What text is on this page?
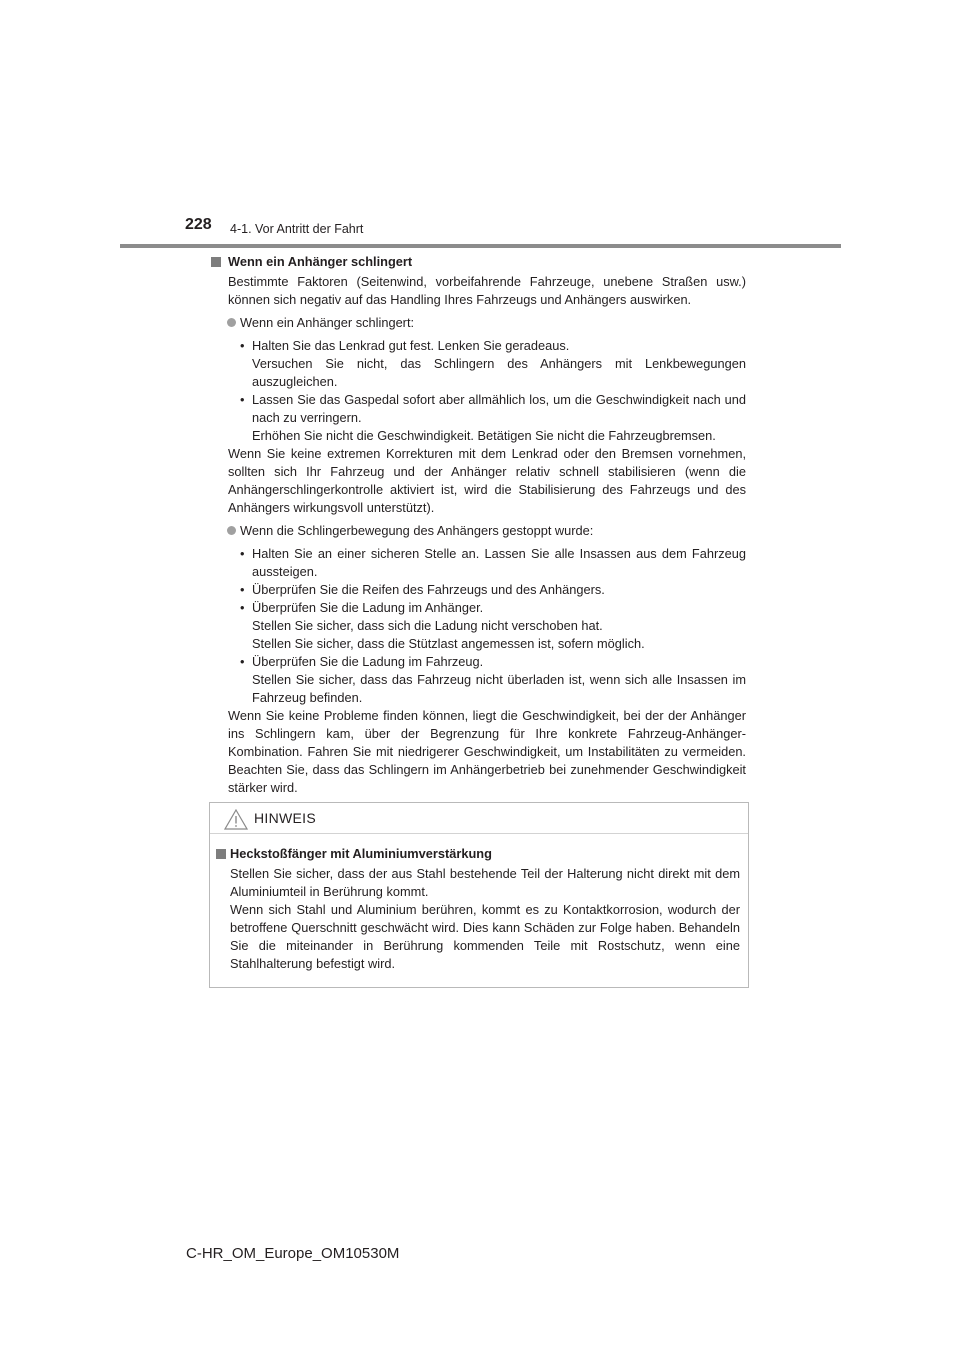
228 4-1. Vor Antritt der Fahrt
Wenn ein Anhänger schlingert
Bestimmte Faktoren (Seitenwind, vorbeifahrende Fahrzeuge, unebene Straßen usw.) können sich negativ auf das Handling Ihres Fahrzeugs und Anhängers auswirken.
Wenn ein Anhänger schlingert:
• Halten Sie das Lenkrad gut fest. Lenken Sie geradeaus.
Versuchen Sie nicht, das Schlingern des Anhängers mit Lenkbewegungen auszugleichen.
• Lassen Sie das Gaspedal sofort aber allmählich los, um die Geschwindigkeit nach und nach zu verringern.
Erhöhen Sie nicht die Geschwindigkeit. Betätigen Sie nicht die Fahrzeugbremsen.
Wenn Sie keine extremen Korrekturen mit dem Lenkrad oder den Bremsen vornehmen, sollten sich Ihr Fahrzeug und der Anhänger relativ schnell stabilisieren (wenn die Anhängerschlingerkontrolle aktiviert ist, wird die Stabilisierung des Fahrzeugs und des Anhängers wirkungsvoll unterstützt).
Wenn die Schlingerbewegung des Anhängers gestoppt wurde:
• Halten Sie an einer sicheren Stelle an. Lassen Sie alle Insassen aus dem Fahrzeug aussteigen.
• Überprüfen Sie die Reifen des Fahrzeugs und des Anhängers.
• Überprüfen Sie die Ladung im Anhänger.
Stellen Sie sicher, dass sich die Ladung nicht verschoben hat.
Stellen Sie sicher, dass die Stützlast angemessen ist, sofern möglich.
• Überprüfen Sie die Ladung im Fahrzeug.
Stellen Sie sicher, dass das Fahrzeug nicht überladen ist, wenn sich alle Insassen im Fahrzeug befinden.
Wenn Sie keine Probleme finden können, liegt die Geschwindigkeit, bei der der Anhänger ins Schlingern kam, über der Begrenzung für Ihre konkrete Fahrzeug-Anhänger-Kombination. Fahren Sie mit niedrigerer Geschwindigkeit, um Instabilitäten zu vermeiden. Beachten Sie, dass das Schlingern im Anhängerbetrieb bei zunehmender Geschwindigkeit stärker wird.
HINWEIS
Heckstoßfänger mit Aluminiumverstärkung
Stellen Sie sicher, dass der aus Stahl bestehende Teil der Halterung nicht direkt mit dem Aluminiumteil in Berührung kommt.
Wenn sich Stahl und Aluminium berühren, kommt es zu Kontaktkorrosion, wodurch der betroffene Querschnitt geschwächt wird. Dies kann Schäden zur Folge haben. Behandeln Sie die miteinander in Berührung kommenden Teile mit Rostschutz, wenn eine Stahlhalterung befestigt wird.
C-HR_OM_Europe_OM10530M
